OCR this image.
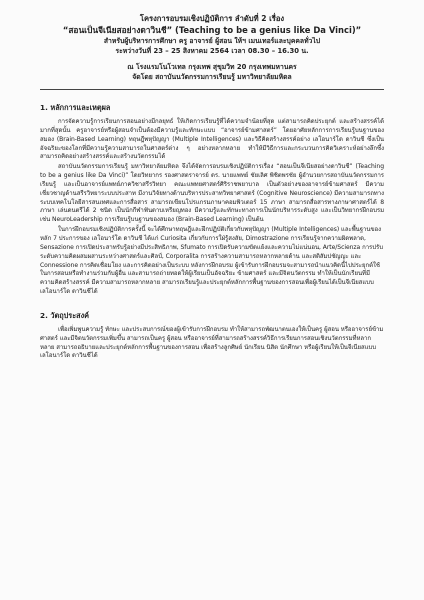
โครงการอบรมเชิงปฏิบัติการ ลำดับที่ 2 เรื่อง
“สอนเป็นจีเนียสอย่างดาวินชี” (Teaching to be a genius like Da Vinci)”
สำหรับผู้บริหารการศึกษา ครู อาจารย์ ผู้สอน ให้ฯ เมนเทอร์และบุคคลทั่วไป
ระหว่างวันที่ 23 – 25 สิงหาคม 2564 เวลา 08.30 – 16.30 น.
ณ โรงแรมโนโวเทล กรุงเทพ สุขุมวิท 20 กรุงเทพมหานคร
จัดโดย สถาบันนวัตกรรมการเรียนรู้ มหาวิทยาลัยมหิดล
1. หลักการและเหตุผล

การจัดความรู้การเรียนการสอนอย่างมีกลยุทธ์ ให้เกิดการเรียนรู้ที่ได้ความจำน้อยที่สุด แต่สามารถคิดประยุกต์ และสร้างสรรค์ได้มากที่สุดนั้น ครูอาจารย์หรือผู้สอนจำเป็นต้องมีความรู้และทักษะแบบ “อาจารย์ข้ามศาสตร์” โดยอาศัยหลักการการเรียนรู้บนฐานของสมอง (Brain-Based Learning) ทฤษฎีพหุปัญญา (Multiple Intelligences) และวิธีคิดสร้างสรรค์อย่าง เลโอนาร์โด ดาวินชี ซึ่งเป็นอัจฉริยะของโลกที่มีความรู้ความสามารถในศาสตร์ต่าง ๆ อย่างหลากหลาย ทำให้มีวิธีการและกระบวนการคิดวิเคราะห์อย่างลึกซึ้ง สามารถคิดอย่างสร้างสรรค์และสร้างนวัตกรรมได้

สถาบันนวัตกรรมการเรียนรู้ มหาวิทยาลัยมหิดล จึงได้จัดการอบรมเชิงปฏิบัติการเรื่อง “สอนเป็นจีเนียสอย่างดาวินชี” (Teaching to be a genius like Da Vinci)” โดยวิทยากร รองศาสตราจารย์ ดร. นายแพทย์ ชัยเลิศ พิชิตพรชัย ผู้อำนวยการสถาบันนวัตกรรมการเรียนรู้ และเป็นอาจารย์แพทย์ภาควิชาสรีรวิทยา คณะแพทยศาสตร์ศิริราชพยาบาล เป็นตัวอย่างของอาจารย์ข้ามศาสตร์ มีความเชี่ยวชาญด้านสรีรวิทยาระบบประสาท มีงานวิจัยทางด้านบริหารประสาทวิทยาศาสตร์ (Cognitive Neuroscience) มีความสามารถทางระบบเทคโนโลยีสารสนเทศและการสื่อสาร สามารถเขียนโปรแกรมภาษาคอมพิวเตอร์ 15 ภาษา สามารถสื่อสารทางภาษาศาสตร์ได้ 8 ภาษา เล่นดนตรีได้ 2 ชนิด เป็นนักกีฬาฟันดาบเหรียญทอง มีความรู้และทักษะทางการเป็นนักบริหารระดับสูง และเป็นวิทยากรฝึกอบรม เช่น NeuroLeadership การเรียนรู้บนฐานของสมอง (Brain-Based Learning) เป็นต้น

ในการฝึกอบรมเชิงปฏิบัติการครั้งนี้ จะได้ศึกษาทฤษฎีและฝึกปฏิบัติเกี่ยวกับพหุปัญญา (Multiple Intelligences) และพื้นฐานของหลัก 7 ประการของ เลโอนาร์โด ดาวินชี ได้แก่ Curiosita เกี่ยวกับการใฝ่รู้สงสัย, Dimostrazione การเรียนรู้จากความผิดพลาด, Sensazione การเปิดประสาทรับรู้อย่างมีประสิทธิภาพ, Sfumato การเปิดรับความขัดแย้งและความไม่แน่นอน, Arte/Scienza การปรับระดับความคิดผสมผสานระหว่างศาสตร์และศิลป์, Corporalita การสร้างความสามารถหลากหลายด้าน และสติสัมปชัญญะ และ Connessione การคิดเชื่อมโยง และการคิดอย่างเป็นระบบ หลังการฝึกอบรม ผู้เข้ารับการฝึกอบรมจะสามารถนำแนวคิดนี้ไปประยุกต์ใช้ในการสอนหรือทำงานร่วมกับผู้อื่น และสามารถถ่ายทอดให้ผู้เรียนเป็นอัจฉริยะ ข้ามศาสตร์ และมีจิตนวัตกรรม ทำให้เป็นนักเรียนที่มีความคิดสร้างสรรค์ มีความสามารถหลากหลาย สามารถเรียนรู้และประยุกต์หลักการพื้นฐานของการสอนเพื่อผู้เรียนได้เป็นจีเนียสแบบเลโอนาร์โด ดาวินชีได้

2. วัตถุประสงค์

เพื่อเพิ่มพูนความรู้ ทักษะ และประสบการณ์ของผู้เข้ารับการฝึกอบรม ทำให้สามารถพัฒนาตนเองให้เป็นครู ผู้สอน หรืออาจารย์ข้ามศาสตร์ และมีจิตนวัตกรรมเพิ่มขึ้น สามารถเป็นครู ผู้สอน หรืออาจารย์ที่สามารถสร้างสรรค์วิธีการเรียนการสอนเชิงนวัตกรรมที่หลากหลาย สามารถอธิบายและประยุกต์หลักการพื้นฐานของการสอน เพื่อสร้างลูกศิษย์ นักเรียน นิสิต นักศึกษา หรือผู้เรียนให้เป็นจีเนียสแบบเลโอนาร์โด ดาวินชีได้
